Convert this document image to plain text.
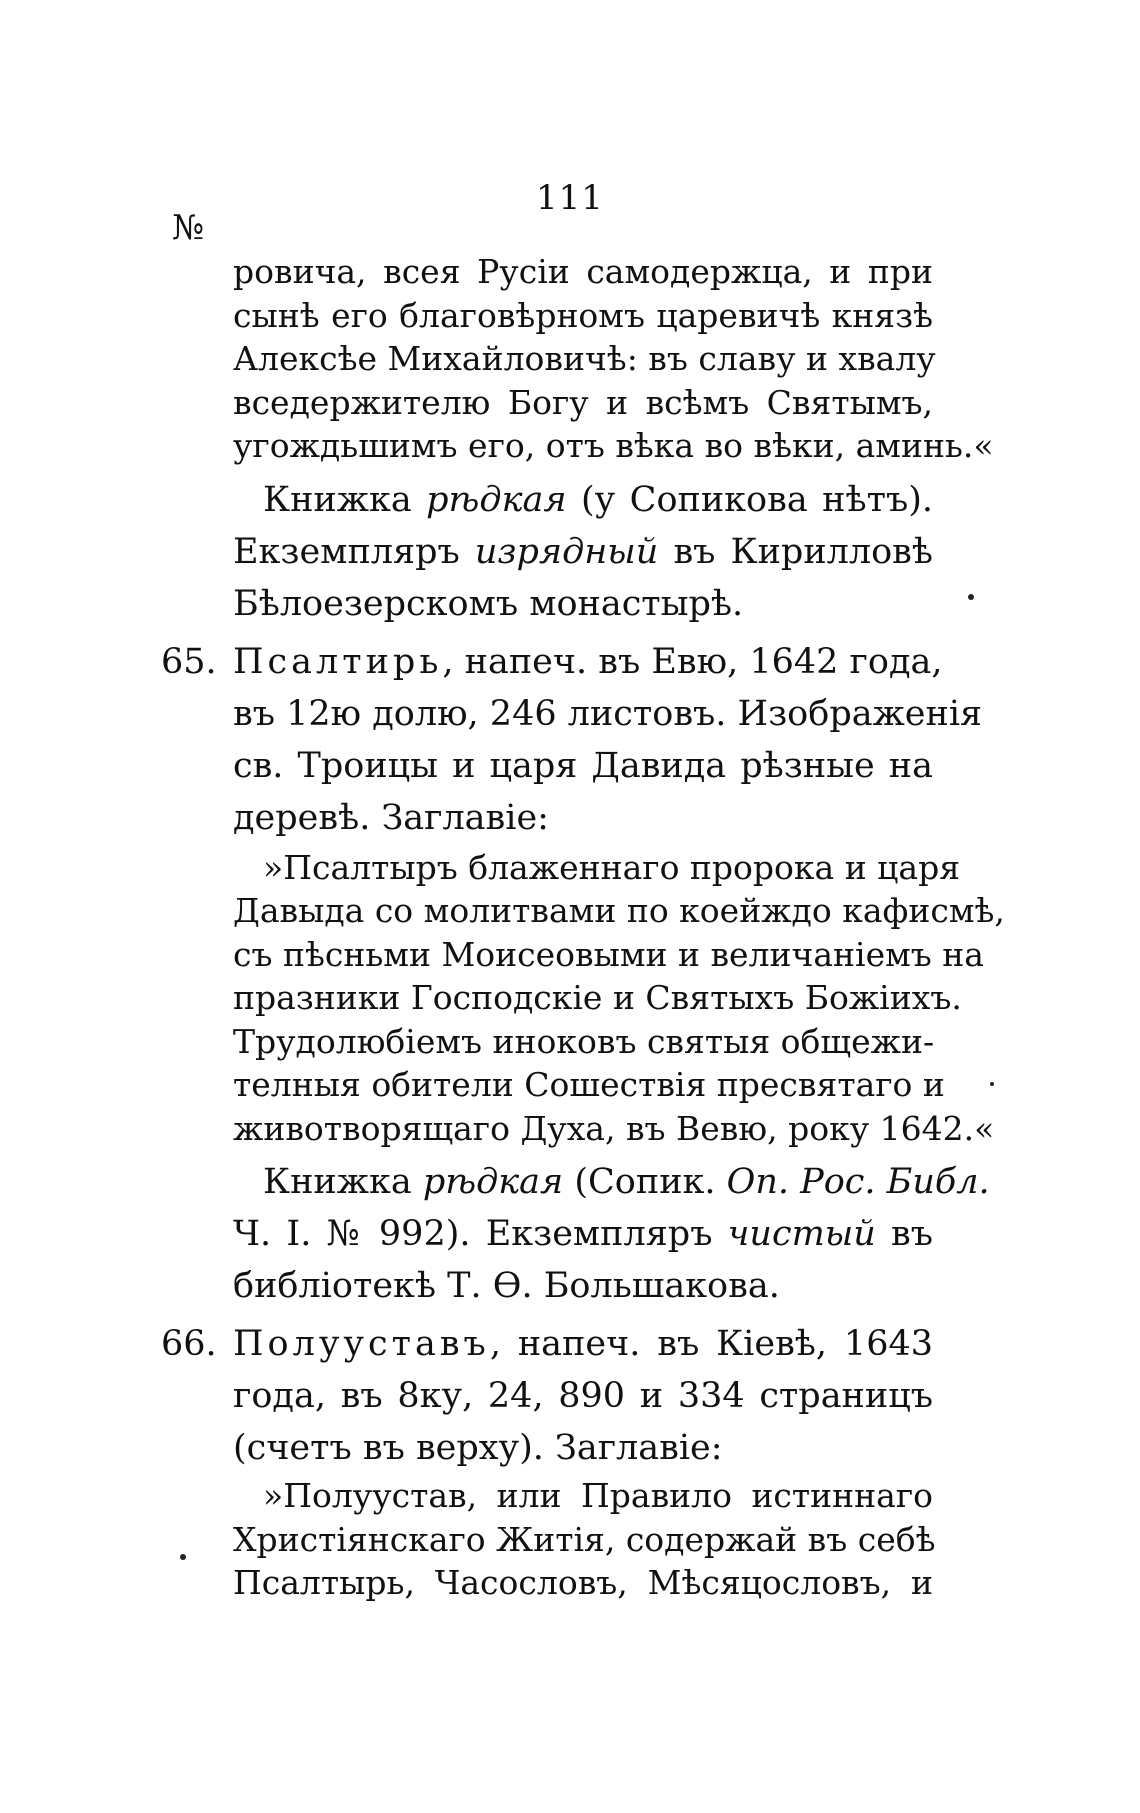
111
№
ровича, всея Русіи самодержца, и при
сынѣ его благовѣрномъ царевичѣ князѣ
Алексѣе Михайловичѣ: въ славу и хвалу
вседержителю Богу и всѣмъ Святымъ,
угождьшимъ его, отъ вѣка во вѣки, аминь.«
Книжка рѣдкая (у Сопикова нѣтъ).
Екземпляръ изрядный въ Кирилловѣ
Бѣлоезерскомъ монастырѣ.
65. Псалтирь, напеч. въ Евю, 1642 года,
въ 12ю долю, 246 листовъ. Изображенія
св. Троицы и царя Давида рѣзные на
деревѣ. Заглавіе:
»Псалтыръ блаженнаго пророка и царя
Давыда со молитвами по коейждо кафисмѣ,
съ пѣсньми Моисеовыми и величаніемъ на
празники Господскіе и Святыхъ Божіихъ.
Трудолюбіемъ иноковъ святыя общежи-
телныя обители Сошествія пресвятаго и
животворящаго Духа, въ Вевю, року 1642.«
Книжка рѣдкая (Сопик. Оп. Рос. Библ.
Ч. I. № 992). Екземпляръ чистый въ
библіотекѣ Т. Ѳ. Большакова.
66. Полууставъ, напеч. въ Кіевѣ, 1643
года, въ 8ку, 24, 890 и 334 страницъ
(счетъ въ верху). Заглавіе:
»Полуустав, или Правило истиннаго
Христіянскаго Житія, содержай въ себѣ
Псалтырь, Часословъ, Мѣсяцословъ, и
